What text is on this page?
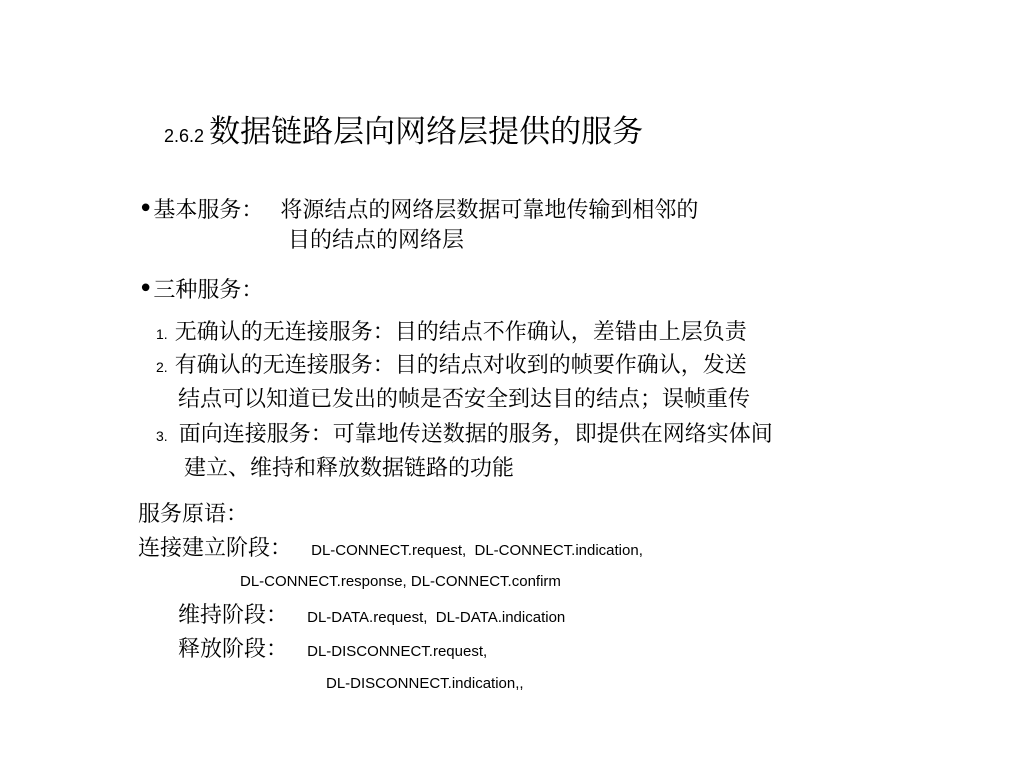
2.6.2 数据链路层向网络层提供的服务
•基本服务： 将源结点的网络层数据可靠地传输到相邻的
目的结点的网络层
•三种服务：
1. 无确认的无连接服务：目的结点不作确认，差错由上层负责
2. 有确认的无连接服务：目的结点对收到的帧要作确认，发送
结点可以知道已发出的帧是否安全到达目的结点；误帧重传
3. 面向连接服务：可靠地传送数据的服务，即提供在网络实体间
建立、维持和释放数据链路的功能
服务原语：
连接建立阶段： DL-CONNECT.request,  DL-CONNECT.indication,
DL-CONNECT.response, DL-CONNECT.confirm
维持阶段： DL-DATA.request,  DL-DATA.indication
释放阶段： DL-DISCONNECT.request,
DL-DISCONNECT.indication,,
